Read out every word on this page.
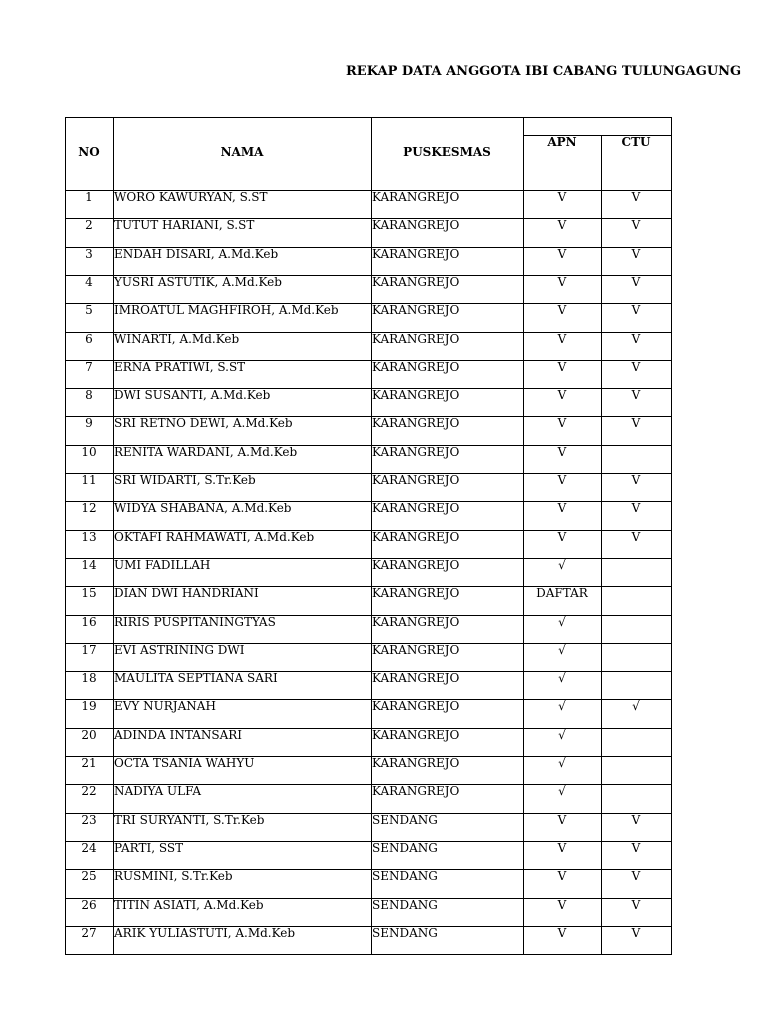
REKAP DATA ANGGOTA IBI CABANG TULUNGAGUNG
NO	NAMA	PUSKESMAS
APN	CTU
1	WORO KAWURYAN, S.ST	KARANGREJO	V	V
2	TUTUT HARIANI, S.ST	KARANGREJO	V	V
3	ENDAH DISARI, A.Md.Keb	KARANGREJO	V	V
4	YUSRI ASTUTIK, A.Md.Keb	KARANGREJO	V	V
5	IMROATUL MAGHFIROH, A.Md.Keb	KARANGREJO	V	V
6	WINARTI, A.Md.Keb	KARANGREJO	V	V
7	ERNA PRATIWI, S.ST	KARANGREJO	V	V
8	DWI SUSANTI, A.Md.Keb	KARANGREJO	V	V
9	SRI RETNO DEWI, A.Md.Keb	KARANGREJO	V	V
10	RENITA WARDANI, A.Md.Keb	KARANGREJO	V
11	SRI WIDARTI, S.Tr.Keb	KARANGREJO	V	V
12	WIDYA SHABANA, A.Md.Keb	KARANGREJO	V	V
13	OKTAFI RAHMAWATI, A.Md.Keb	KARANGREJO	V	V
14	UMI FADILLAH	KARANGREJO	√
15	DIAN DWI HANDRIANI	KARANGREJO	DAFTAR
16	RIRIS PUSPITANINGTYAS	KARANGREJO	√
17	EVI ASTRINING DWI	KARANGREJO	√
18	MAULITA SEPTIANA SARI	KARANGREJO	√
19	EVY NURJANAH	KARANGREJO	√	√
20	ADINDA INTANSARI	KARANGREJO	√
21	OCTA TSANIA WAHYU	KARANGREJO	√
22	NADIYA ULFA	KARANGREJO	√
23	TRI SURYANTI, S.Tr.Keb	SENDANG	V	V
24	PARTI, SST	SENDANG	V	V
25	RUSMINI, S.Tr.Keb	SENDANG	V	V
26	TITIN ASIATI, A.Md.Keb	SENDANG	V	V
27	ARIK YULIASTUTI, A.Md.Keb	SENDANG	V	V
